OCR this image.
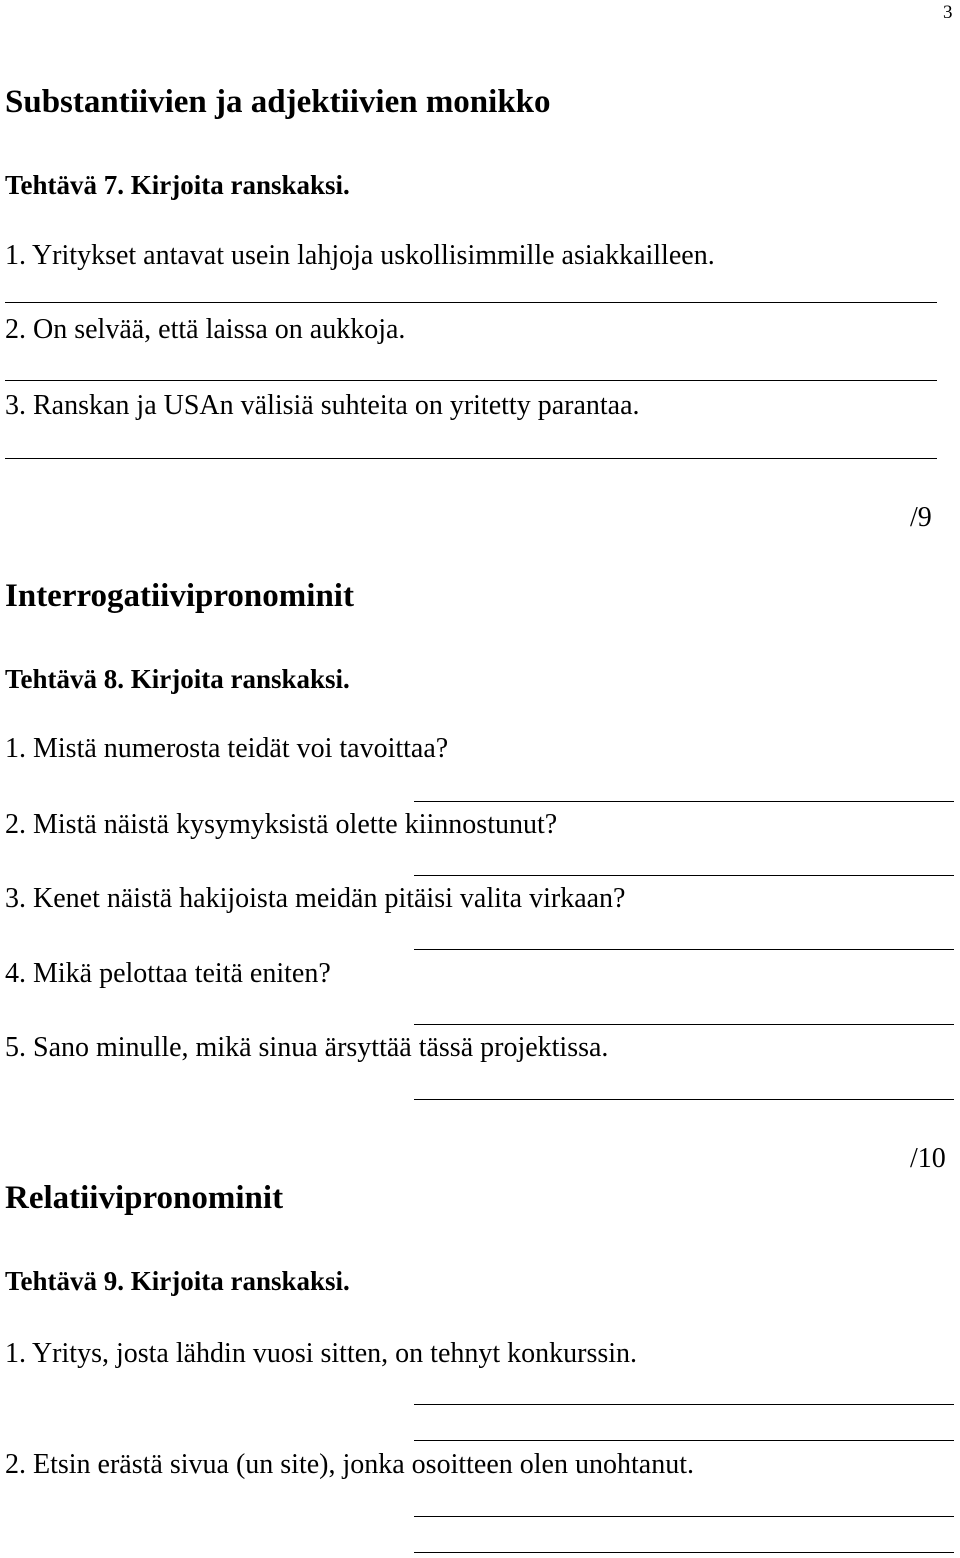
3
Substantiivien ja adjektiivien monikko
Tehtävä 7. Kirjoita ranskaksi.
1. Yritykset antavat usein lahjoja uskollisimmille asiakkailleen.
2. On selvää, että laissa on aukkoja.
3. Ranskan ja USAn välisiä suhteita on yritetty parantaa.
/9
Interrogatiivipronominit
Tehtävä 8. Kirjoita ranskaksi.
1. Mistä numerosta teidät voi tavoittaa?
2. Mistä näistä kysymyksistä olette kiinnostunut?
3. Kenet näistä hakijoista meidän pitäisi valita virkaan?
4. Mikä pelottaa teitä eniten?
5. Sano minulle, mikä sinua ärsyttää tässä projektissa.
/10
Relatiivipronominit
Tehtävä 9. Kirjoita ranskaksi.
1. Yritys, josta lähdin vuosi sitten, on tehnyt konkurssin.
2. Etsin erästä sivua (un site), jonka osoitteen olen unohtanut.
